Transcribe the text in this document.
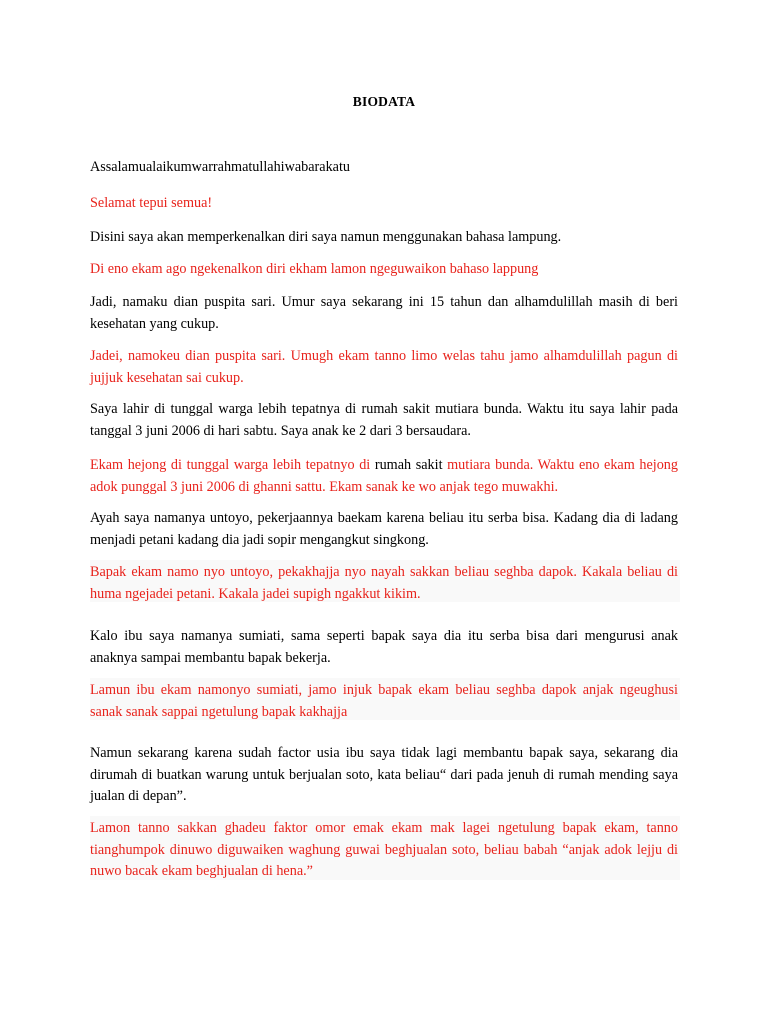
BIODATA

Assalamualaikumwarrahmatullahiwabarakatu

Selamat tepui semua!

Disini saya akan memperkenalkan diri saya namun menggunakan bahasa lampung.

Di eno ekam ago ngekenalkon diri ekham lamon ngeguwaikon bahaso lappung

Jadi, namaku dian puspita sari. Umur saya sekarang ini 15 tahun dan alhamdulillah masih di beri kesehatan yang cukup.

Jadei, namokeu dian puspita sari. Umugh ekam tanno limo welas tahu jamo alhamdulillah pagun di jujjuk kesehatan sai cukup.

Saya lahir di tunggal warga lebih tepatnya di rumah sakit mutiara bunda. Waktu itu saya lahir pada tanggal 3 juni 2006 di hari sabtu. Saya anak ke 2 dari 3 bersaudara.

Ekam hejong di tunggal warga lebih tepatnyo di rumah sakit mutiara bunda. Waktu eno ekam hejong adok punggal 3 juni 2006 di ghanni sattu. Ekam sanak ke wo anjak tego muwakhi.

Ayah saya namanya untoyo, pekerjaannya baekam karena beliau itu serba bisa. Kadang dia di ladang menjadi petani kadang dia jadi sopir mengangkut singkong.

Bapak ekam namo nyo untoyo, pekakhajja nyo nayah sakkan beliau seghba dapok. Kakala beliau di huma ngejadei petani. Kakala jadei supigh ngakkut kikim.

Kalo ibu saya namanya sumiati, sama seperti bapak saya dia itu serba bisa dari mengurusi anak anaknya sampai membantu bapak bekerja.

Lamun ibu ekam namonyo sumiati, jamo injuk bapak ekam beliau seghba dapok anjak ngeughusi sanak sanak sappai ngetulung bapak kakhajja

Namun sekarang karena sudah factor usia ibu saya tidak lagi membantu bapak saya, sekarang dia dirumah di buatkan warung untuk berjualan soto, kata beliau“ dari pada jenuh di rumah mending saya jualan di depan”.

Lamon tanno sakkan ghadeu faktor omor emak ekam mak lagei ngetulung bapak ekam, tanno tianghumpok dinuwo diguwaiken waghung guwai beghjualan soto, beliau babah “anjak adok lejju di nuwo bacak ekam beghjualan di hena.”
